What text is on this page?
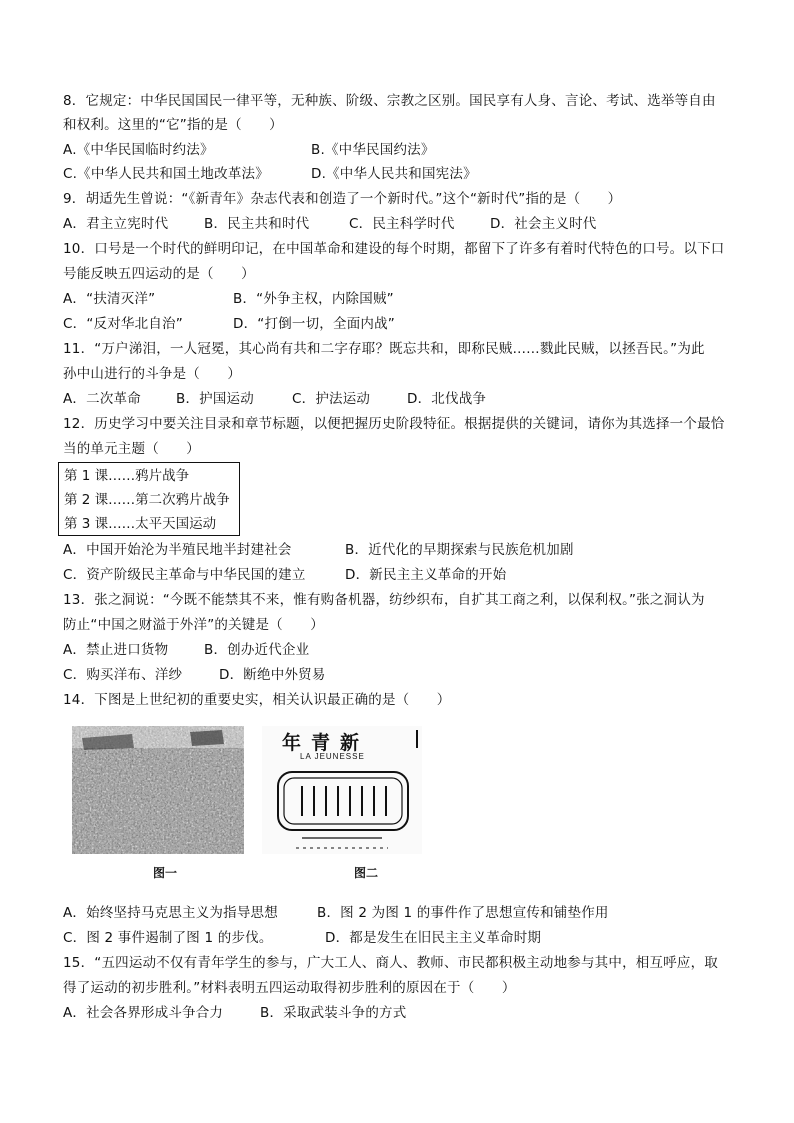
8．它规定：中华民国国民一律平等，无种族、阶级、宗教之区别。国民享有人身、言论、考试、选举等自由
和权利。这里的“它”指的是（　　）
A.《中华民国临时约法》	B.《中华民国约法》
C.《中华人民共和国土地改革法》	D.《中华人民共和国宪法》
9．胡适先生曾说：“《新青年》杂志代表和创造了一个新时代。”这个“新时代”指的是（　　）
A．君主立宪时代	B．民主共和时代	C．民主科学时代	D．社会主义时代
10．口号是一个时代的鲜明印记，在中国革命和建设的每个时期，都留下了许多有着时代特色的口号。以下口
号能反映五四运动的是（　　）
A．“扶清灭洋”	B．“外争主权，内除国贼”
C．“反对华北自治”	D．“打倒一切，全面内战”
11．“万户涕泪，一人冠冕，其心尚有共和二字存耶？既忘共和，即称民贼……戮此民贼，以拯吾民。”为此
孙中山进行的斗争是（　　）
A．二次革命	B．护国运动	C．护法运动	D．北伐战争
12．历史学习中要关注目录和章节标题，以便把握历史阶段特征。根据提供的关键词，请你为其选择一个最恰
当的单元主题（　　）
第 1 课……鸦片战争
第 2 课……第二次鸦片战争
第 3 课……太平天国运动
A．中国开始沦为半殖民地半封建社会	B．近代化的早期探索与民族危机加剧
C．资产阶级民主革命与中华民国的建立	D．新民主主义革命的开始
13．张之洞说：“今既不能禁其不来，惟有购备机器，纺纱织布，自扩其工商之利，以保利权。”张之洞认为
防止“中国之财溢于外洋”的关键是（　　）
A．禁止进口货物	B．创办近代企业
C．购买洋布、洋纱	D．断绝中外贸易
14．下图是上世纪初的重要史实，相关认识最正确的是（　　）
图一
年青新
LA JEUNESSE
图二
A．始终坚持马克思主义为指导思想	B．图 2 为图 1 的事件作了思想宣传和铺垫作用
C．图 2 事件遏制了图 1 的步伐。	D．都是发生在旧民主主义革命时期
15．“五四运动不仅有青年学生的参与，广大工人、商人、教师、市民都积极主动地参与其中，相互呼应，取
得了运动的初步胜利。”材料表明五四运动取得初步胜利的原因在于（　　）
A．社会各界形成斗争合力	B．采取武装斗争的方式
